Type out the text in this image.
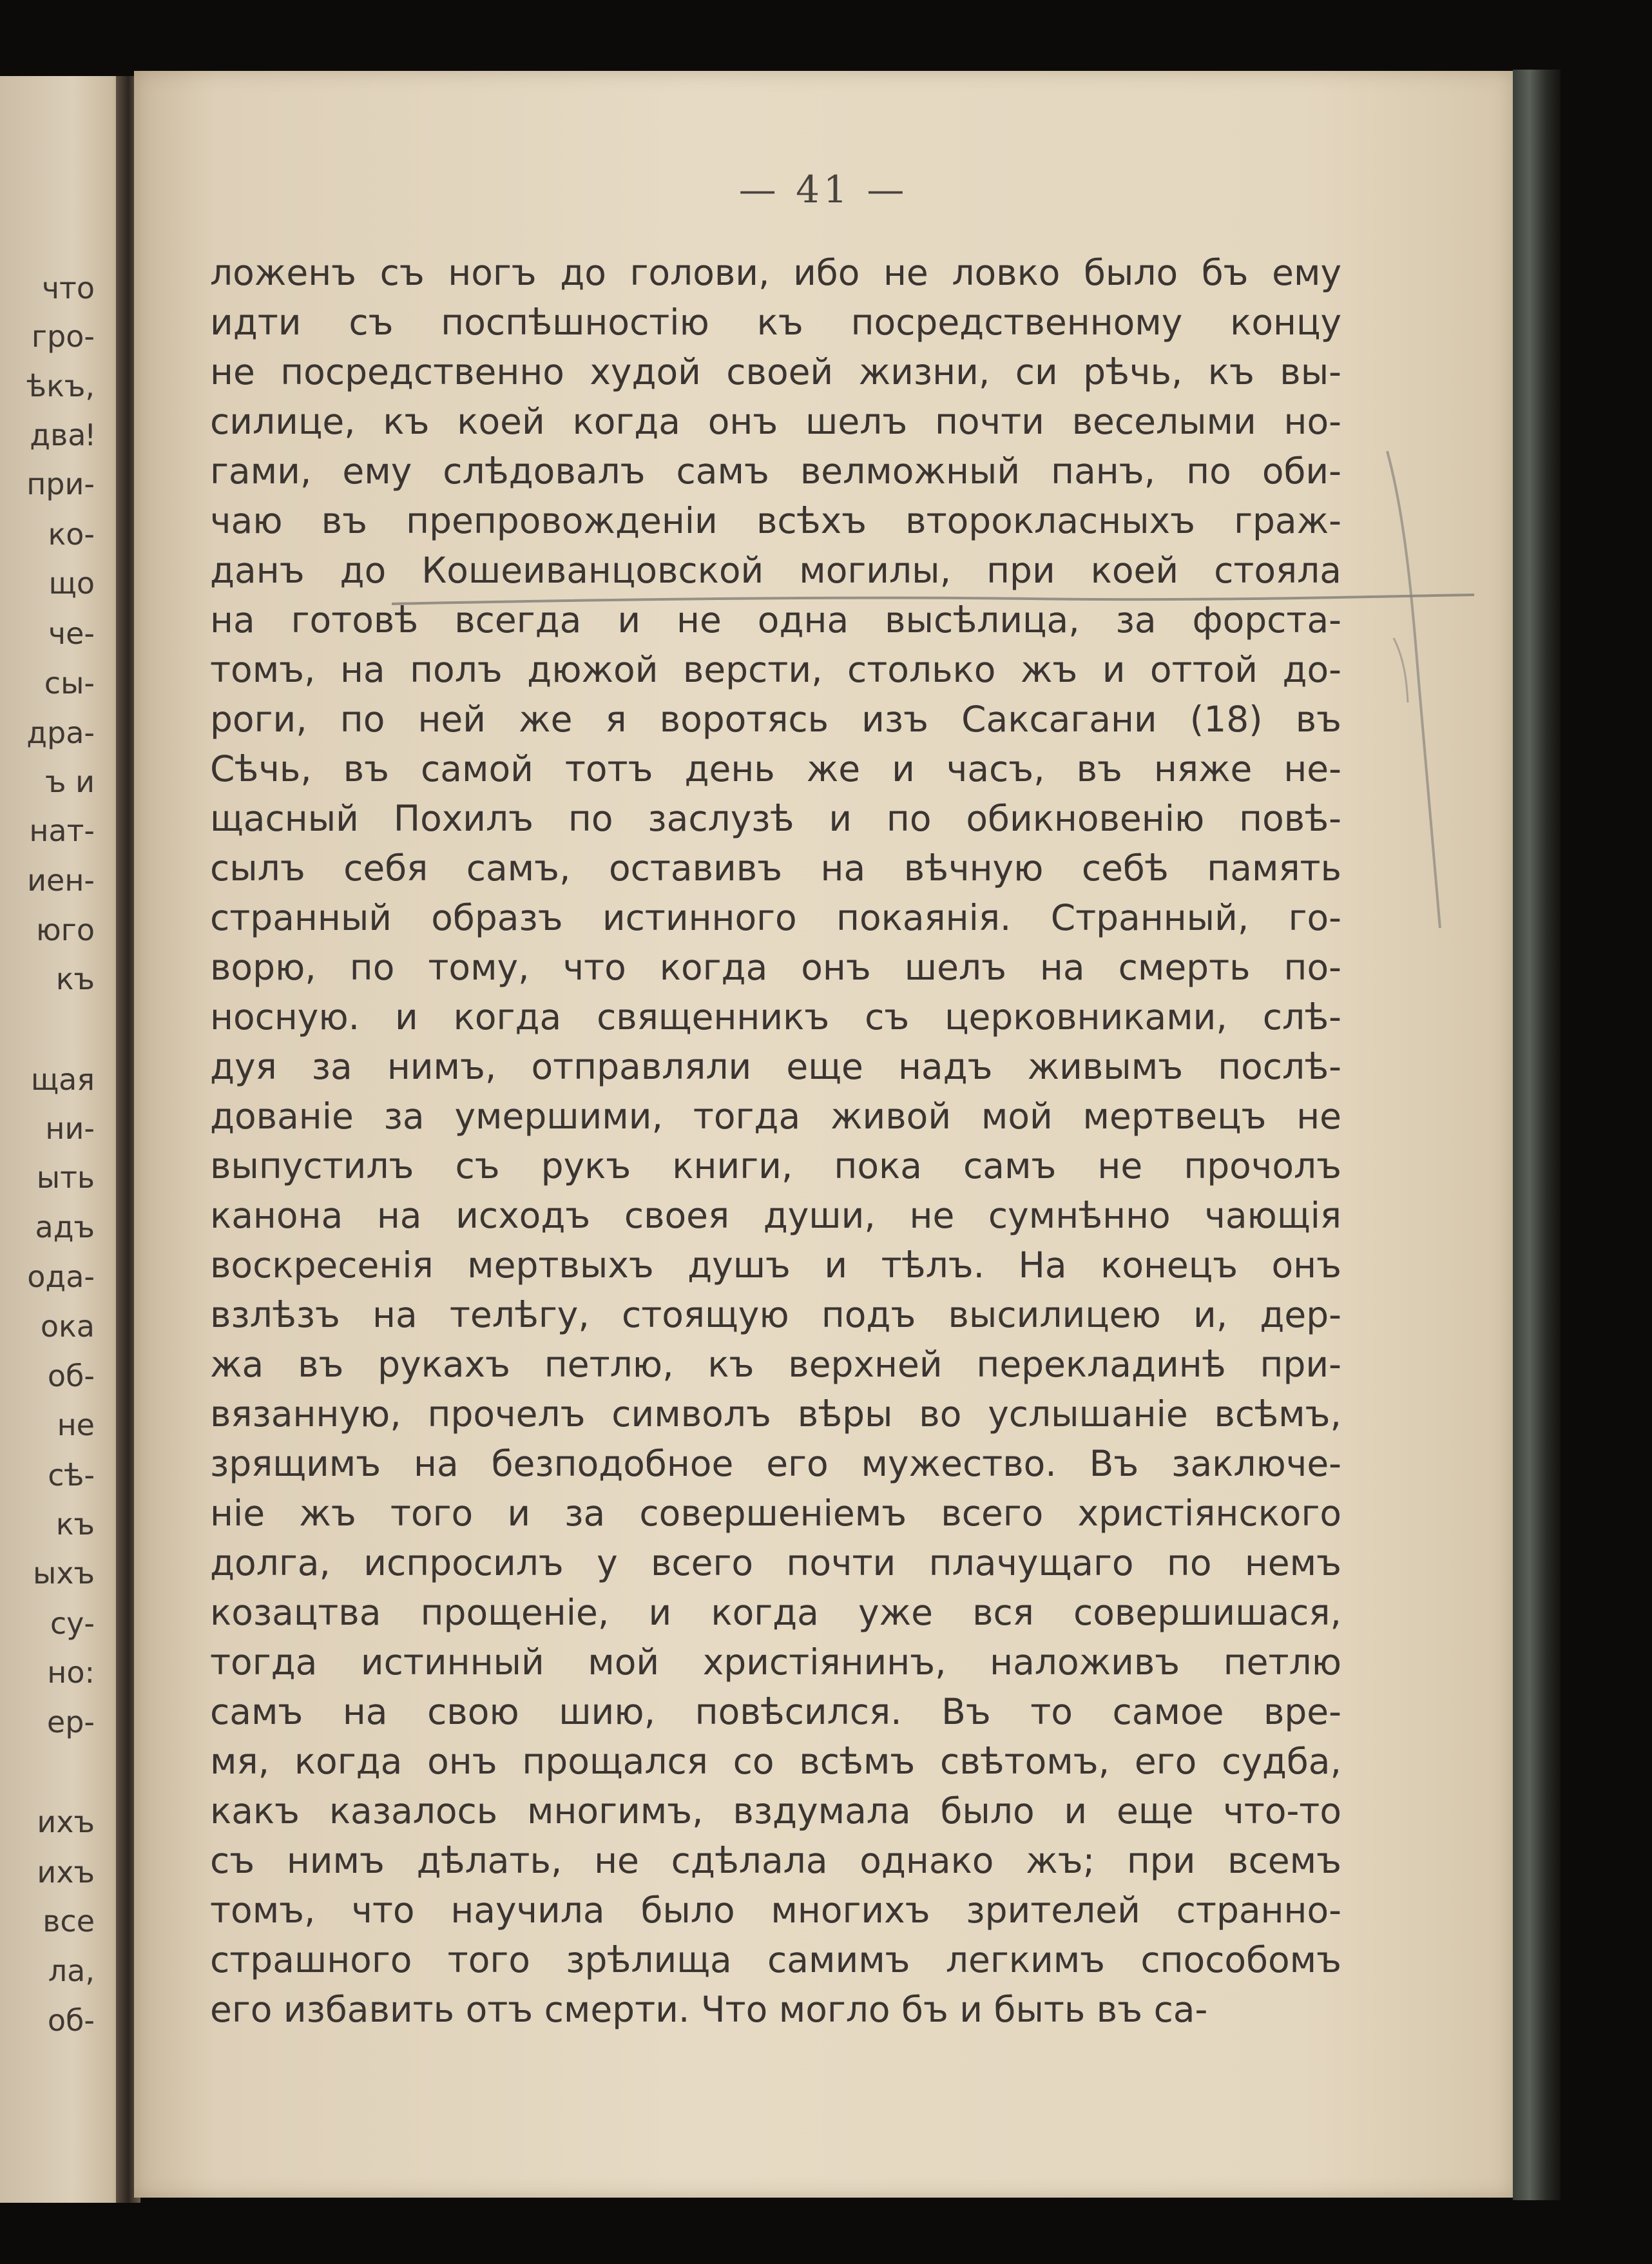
что
гро-
ѣкъ,
дваǃ
при-
ко-
що
че-
сы-
дра-
ъ и
нат-
иен-
юго
къ
щая
ни-
ыть
адъ
ода-
ока
об-
не
сѣ-
къ
ыхъ
су-
но:
ер-
ихъ
ихъ
все
ла,
об-
— 41 —
ложенъ съ ногъ до голови, ибо не ловко было бъ ему
идти съ поспѣшностію къ посредственному концу
не посредственно худой своей жизни, си рѣчь, къ вы-
силице, къ коей когда онъ шелъ почти веселыми но-
гами, ему слѣдовалъ самъ велможный панъ, по оби-
чаю въ препровожденіи всѣхъ второкласныхъ граж-
данъ до Кошеиванцовской могилы, при коей стояла
на готовѣ всегда и не одна высѣлица, за форста-
томъ, на полъ дюжой версти, столько жъ и оттой до-
роги, по ней же я воротясь изъ Саксагани (18) въ
Сѣчь, въ самой тотъ день же и часъ, въ няже не-
щасный Похилъ по заслузѣ и по обикновенію повѣ-
сылъ себя самъ, оставивъ на вѣчную себѣ память
странный образъ истинного покаянія. Странный, го-
ворю, по тому, что когда онъ шелъ на смерть по-
носную. и когда священникъ съ церковниками, слѣ-
дуя за нимъ, отправляли еще надъ живымъ послѣ-
дованіе за умершими, тогда живой мой мертвецъ не
выпустилъ съ рукъ книги, пока самъ не прочолъ
канона на исходъ своея души, не сумнѣнно чающія
воскресенія мертвыхъ душъ и тѣлъ. На конецъ онъ
взлѣзъ на телѣгу, стоящую подъ высилицею и, дер-
жа въ рукахъ петлю, къ верхней перекладинѣ при-
вязанную, прочелъ символъ вѣры во услышаніе всѣмъ,
зрящимъ на безподобное его мужество. Въ заключе-
ніе жъ того и за совершеніемъ всего христіянского
долга, испросилъ у всего почти плачущаго по немъ
козацтва прощеніе, и когда уже вся совершишася,
тогда истинный мой христіянинъ, наложивъ петлю
самъ на свою шию, повѣсился. Въ то самое вре-
мя, когда онъ прощался со всѣмъ свѣтомъ, его судба,
какъ казалось многимъ, вздумала было и еще что-то
съ нимъ дѣлать, не сдѣлала однако жъ; при всемъ
томъ, что научила было многихъ зрителей странно-
страшного того зрѣлища самимъ легкимъ способомъ
его избавить отъ смерти. Что могло бъ и быть въ са-
